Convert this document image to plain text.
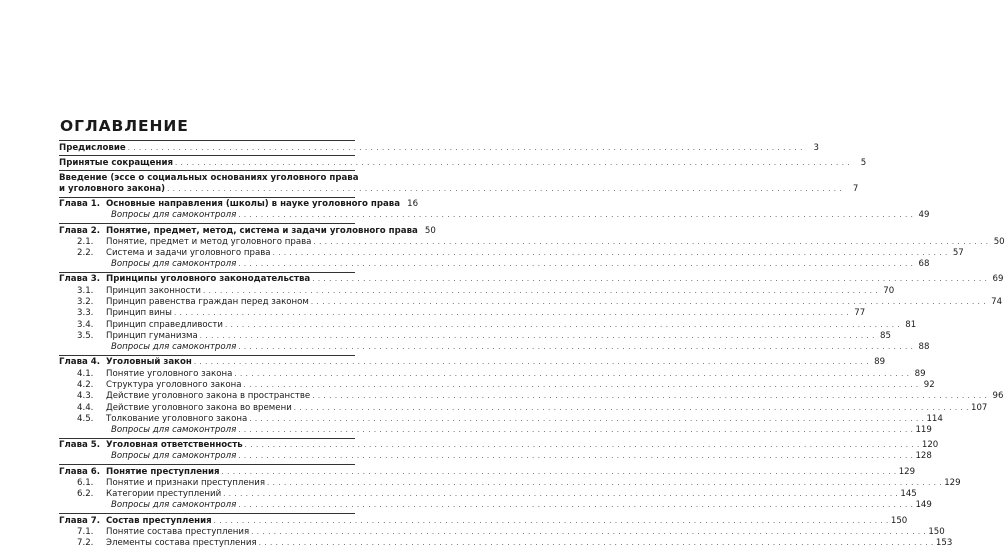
ОГЛАВЛЕНИЕ
Предисловие . . . . . . . . . . . . . . . . . . . . . . . . . . . . . . . . . . . . . . . . . . . . . . . . . . . . . . . . . . . . . . . . . . . . . . . . . . . . . . . . . . . . . . . . . . . . . . . . . . . . . . . . . . . . . . . . . . . . . . . .	3
Принятые сокращения . . . . . . . . . . . . . . . . . . . . . . . . . . . . . . . . . . . . . . . . . . . . . . . . . . . . . . . . . . . . . . . . . . . . . . . . . . . . . . . . . . . . . . . . . . . . . . . . . . . . . . . . . . . . . . . . . . . . . . . .	5
Введение (эссе о социальных основаниях уголовного права
и уголовного закона) . . . . . . . . . . . . . . . . . . . . . . . . . . . . . . . . . . . . . . . . . . . . . . . . . . . . . . . . . . . . . . . . . . . . . . . . . . . . . . . . . . . . . . . . . . . . . . . . . . . . . . . . . . . . . . . . . . . . . . . .	7
Глава 1. Основные направления (школы) в науке уголовного права 16
Вопросы для самоконтроля . . . . . . . . . . . . . . . . . . . . . . . . . . . . . . . . . . . . . . . . . . . . . . . . . . . . . . . . . . . . . . . . . . . . . . . . . . . . . . . . . . . . . . . . . . . . . . . . . . . . . . . . . . . . . . . . . . . . . . . . 49
Глава 2. Понятие, предмет, метод, система и задачи уголовного права 50
2.1.	Понятие, предмет и метод уголовного права . . . . . . . . . . . . . . . . . . . . . . . . . . . . . . . . . . . . . . . . . . . . . . . . . . . . . . . . . . . . . . . . . . . . . . . . . . . . . . . . . . . . . . . . . . . . . . . . . . . . . . . . . . . . . . . . . . . . . . . . 50
2.2.	Система и задачи уголовного права . . . . . . . . . . . . . . . . . . . . . . . . . . . . . . . . . . . . . . . . . . . . . . . . . . . . . . . . . . . . . . . . . . . . . . . . . . . . . . . . . . . . . . . . . . . . . . . . . . . . . . . . . . . . . . . . . . . . . . . . 57
Вопросы для самоконтроля . . . . . . . . . . . . . . . . . . . . . . . . . . . . . . . . . . . . . . . . . . . . . . . . . . . . . . . . . . . . . . . . . . . . . . . . . . . . . . . . . . . . . . . . . . . . . . . . . . . . . . . . . . . . . . . . . . . . . . . . 68
Глава 3. Принципы уголовного законодательства . . . . . . . . . . . . . . . . . . . . . . . . . . . . . . . . . . . . . . . . . . . . . . . . . . . . . . . . . . . . . . . . . . . . . . . . . . . . . . . . . . . . . . . . . . . . . . . . . . . . . . . . . . . . . . . . . . . . . . . . 69
3.1.	Принцип законности . . . . . . . . . . . . . . . . . . . . . . . . . . . . . . . . . . . . . . . . . . . . . . . . . . . . . . . . . . . . . . . . . . . . . . . . . . . . . . . . . . . . . . . . . . . . . . . . . . . . . . . . . . . . . . . . . . . . . . . . 70
3.2.	Принцип равенства граждан перед законом . . . . . . . . . . . . . . . . . . . . . . . . . . . . . . . . . . . . . . . . . . . . . . . . . . . . . . . . . . . . . . . . . . . . . . . . . . . . . . . . . . . . . . . . . . . . . . . . . . . . . . . . . . . . . . . . . . . . . . . . 74
3.3.	Принцип вины . . . . . . . . . . . . . . . . . . . . . . . . . . . . . . . . . . . . . . . . . . . . . . . . . . . . . . . . . . . . . . . . . . . . . . . . . . . . . . . . . . . . . . . . . . . . . . . . . . . . . . . . . . . . . . . . . . . . . . . . 77
3.4.	Принцип справедливости . . . . . . . . . . . . . . . . . . . . . . . . . . . . . . . . . . . . . . . . . . . . . . . . . . . . . . . . . . . . . . . . . . . . . . . . . . . . . . . . . . . . . . . . . . . . . . . . . . . . . . . . . . . . . . . . . . . . . . . . 81
3.5.	Принцип гуманизма . . . . . . . . . . . . . . . . . . . . . . . . . . . . . . . . . . . . . . . . . . . . . . . . . . . . . . . . . . . . . . . . . . . . . . . . . . . . . . . . . . . . . . . . . . . . . . . . . . . . . . . . . . . . . . . . . . . . . . . . 85
Вопросы для самоконтроля . . . . . . . . . . . . . . . . . . . . . . . . . . . . . . . . . . . . . . . . . . . . . . . . . . . . . . . . . . . . . . . . . . . . . . . . . . . . . . . . . . . . . . . . . . . . . . . . . . . . . . . . . . . . . . . . . . . . . . . . 88
Глава 4. Уголовный закон . . . . . . . . . . . . . . . . . . . . . . . . . . . . . . . . . . . . . . . . . . . . . . . . . . . . . . . . . . . . . . . . . . . . . . . . . . . . . . . . . . . . . . . . . . . . . . . . . . . . . . . . . . . . . . . . . . . . . . . . 89
4.1.	Понятие уголовного закона . . . . . . . . . . . . . . . . . . . . . . . . . . . . . . . . . . . . . . . . . . . . . . . . . . . . . . . . . . . . . . . . . . . . . . . . . . . . . . . . . . . . . . . . . . . . . . . . . . . . . . . . . . . . . . . . . . . . . . . . 89
4.2.	Структура уголовного закона . . . . . . . . . . . . . . . . . . . . . . . . . . . . . . . . . . . . . . . . . . . . . . . . . . . . . . . . . . . . . . . . . . . . . . . . . . . . . . . . . . . . . . . . . . . . . . . . . . . . . . . . . . . . . . . . . . . . . . . . 92
4.3.	Действие уголовного закона в пространстве . . . . . . . . . . . . . . . . . . . . . . . . . . . . . . . . . . . . . . . . . . . . . . . . . . . . . . . . . . . . . . . . . . . . . . . . . . . . . . . . . . . . . . . . . . . . . . . . . . . . . . . . . . . . . . . . . . . . . . . . 96
4.4.	Действие уголовного закона во времени . . . . . . . . . . . . . . . . . . . . . . . . . . . . . . . . . . . . . . . . . . . . . . . . . . . . . . . . . . . . . . . . . . . . . . . . . . . . . . . . . . . . . . . . . . . . . . . . . . . . . . . . . . . . . . . . . . . . . . . . 107
4.5.	Толкование уголовного закона . . . . . . . . . . . . . . . . . . . . . . . . . . . . . . . . . . . . . . . . . . . . . . . . . . . . . . . . . . . . . . . . . . . . . . . . . . . . . . . . . . . . . . . . . . . . . . . . . . . . . . . . . . . . . . . . . . . . . . . . 114
Вопросы для самоконтроля . . . . . . . . . . . . . . . . . . . . . . . . . . . . . . . . . . . . . . . . . . . . . . . . . . . . . . . . . . . . . . . . . . . . . . . . . . . . . . . . . . . . . . . . . . . . . . . . . . . . . . . . . . . . . . . . . . . . . . . . 119
Глава 5. Уголовная ответственность . . . . . . . . . . . . . . . . . . . . . . . . . . . . . . . . . . . . . . . . . . . . . . . . . . . . . . . . . . . . . . . . . . . . . . . . . . . . . . . . . . . . . . . . . . . . . . . . . . . . . . . . . . . . . . . . . . . . . . . . 120
Вопросы для самоконтроля . . . . . . . . . . . . . . . . . . . . . . . . . . . . . . . . . . . . . . . . . . . . . . . . . . . . . . . . . . . . . . . . . . . . . . . . . . . . . . . . . . . . . . . . . . . . . . . . . . . . . . . . . . . . . . . . . . . . . . . . 128
Глава 6. Понятие преступления . . . . . . . . . . . . . . . . . . . . . . . . . . . . . . . . . . . . . . . . . . . . . . . . . . . . . . . . . . . . . . . . . . . . . . . . . . . . . . . . . . . . . . . . . . . . . . . . . . . . . . . . . . . . . . . . . . . . . . . . 129
6.1.	Понятие и признаки преступления . . . . . . . . . . . . . . . . . . . . . . . . . . . . . . . . . . . . . . . . . . . . . . . . . . . . . . . . . . . . . . . . . . . . . . . . . . . . . . . . . . . . . . . . . . . . . . . . . . . . . . . . . . . . . . . . . . . . . . . . 129
6.2.	Категории преступлений . . . . . . . . . . . . . . . . . . . . . . . . . . . . . . . . . . . . . . . . . . . . . . . . . . . . . . . . . . . . . . . . . . . . . . . . . . . . . . . . . . . . . . . . . . . . . . . . . . . . . . . . . . . . . . . . . . . . . . . . 145
Вопросы для самоконтроля . . . . . . . . . . . . . . . . . . . . . . . . . . . . . . . . . . . . . . . . . . . . . . . . . . . . . . . . . . . . . . . . . . . . . . . . . . . . . . . . . . . . . . . . . . . . . . . . . . . . . . . . . . . . . . . . . . . . . . . . 149
Глава 7. Состав преступления . . . . . . . . . . . . . . . . . . . . . . . . . . . . . . . . . . . . . . . . . . . . . . . . . . . . . . . . . . . . . . . . . . . . . . . . . . . . . . . . . . . . . . . . . . . . . . . . . . . . . . . . . . . . . . . . . . . . . . . . 150
7.1.	Понятие состава преступления . . . . . . . . . . . . . . . . . . . . . . . . . . . . . . . . . . . . . . . . . . . . . . . . . . . . . . . . . . . . . . . . . . . . . . . . . . . . . . . . . . . . . . . . . . . . . . . . . . . . . . . . . . . . . . . . . . . . . . . . 150
7.2.	Элементы состава преступления . . . . . . . . . . . . . . . . . . . . . . . . . . . . . . . . . . . . . . . . . . . . . . . . . . . . . . . . . . . . . . . . . . . . . . . . . . . . . . . . . . . . . . . . . . . . . . . . . . . . . . . . . . . . . . . . . . . . . . . . 153
